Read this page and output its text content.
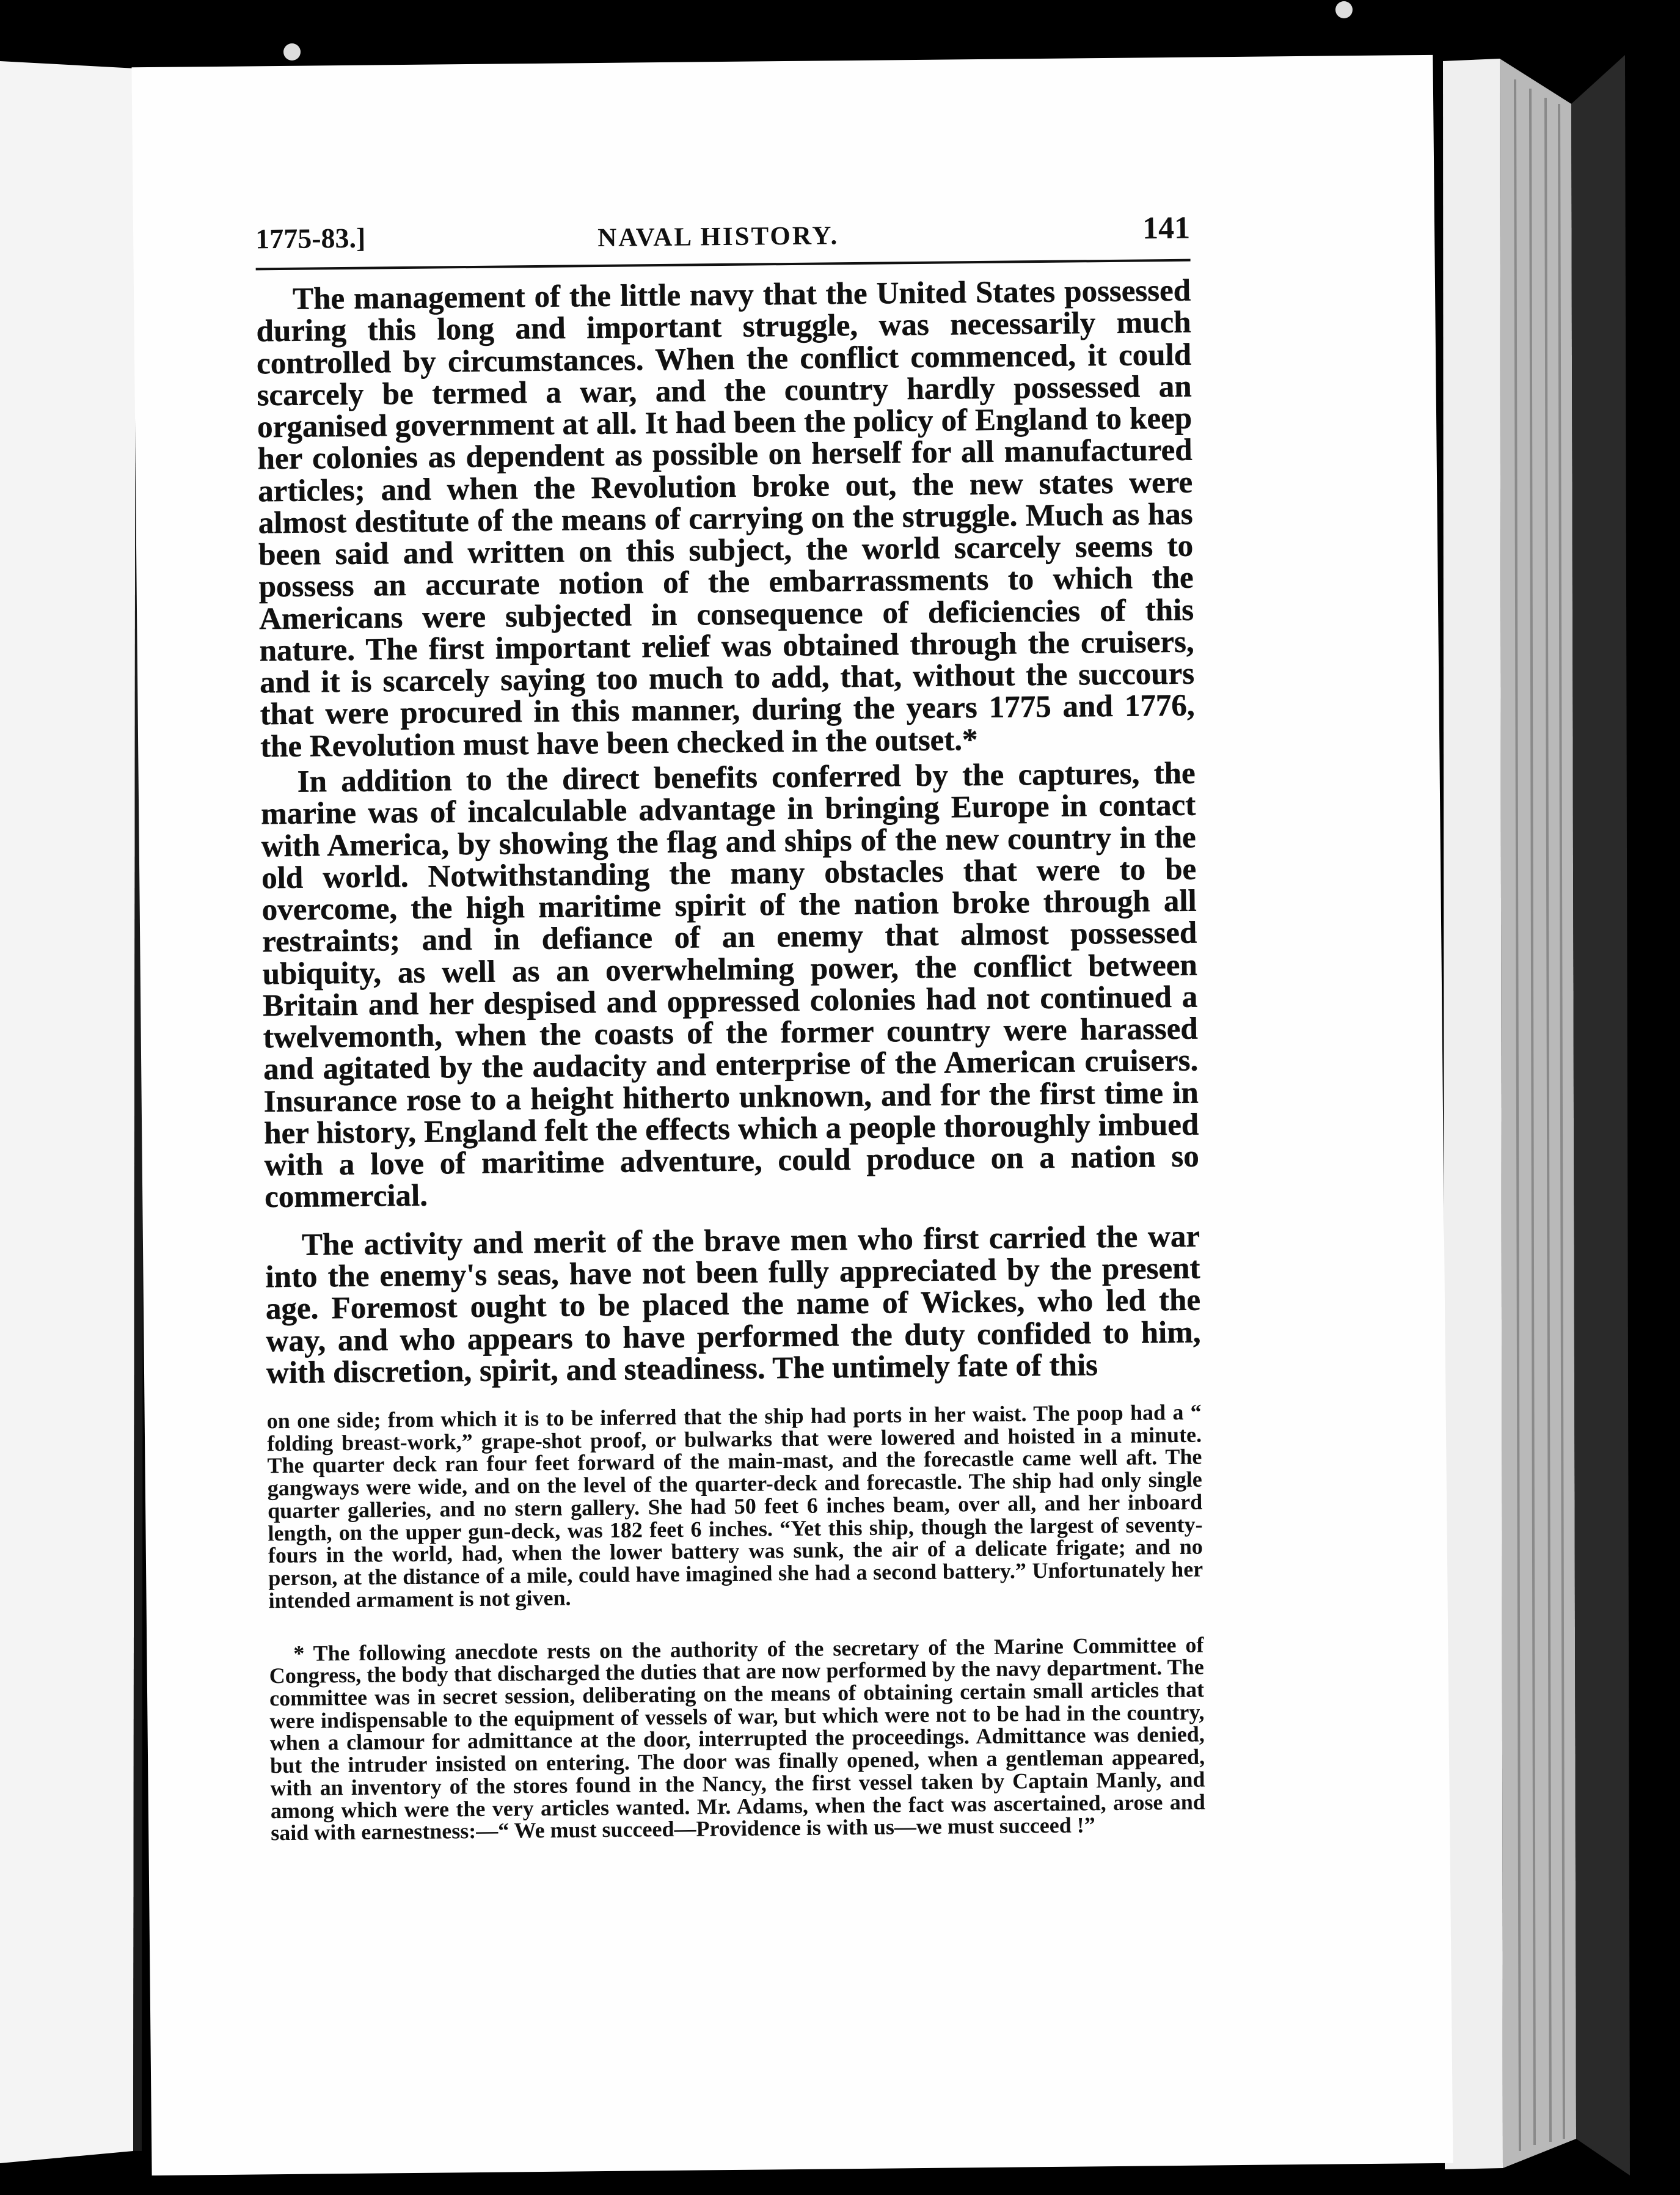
1775-83.]	NAVAL HISTORY.	141

The management of the little navy that the United States possessed during this long and important struggle, was necessarily much controlled by circumstances. When the conflict commenced, it could scarcely be termed a war, and the country hardly possessed an organised government at all. It had been the policy of England to keep her colonies as dependent as possible on herself for all manufactured articles; and when the Revolution broke out, the new states were almost destitute of the means of carrying on the struggle. Much as has been said and written on this subject, the world scarcely seems to possess an accurate notion of the embarrassments to which the Americans were subjected in consequence of deficiencies of this nature. The first important relief was obtained through the cruisers, and it is scarcely saying too much to add, that, without the succours that were procured in this manner, during the years 1775 and 1776, the Revolution must have been checked in the outset.*

In addition to the direct benefits conferred by the captures, the marine was of incalculable advantage in bringing Europe in contact with America, by showing the flag and ships of the new country in the old world. Notwithstanding the many obstacles that were to be overcome, the high maritime spirit of the nation broke through all restraints; and in defiance of an enemy that almost possessed ubiquity, as well as an overwhelming power, the conflict between Britain and her despised and oppressed colonies had not continued a twelvemonth, when the coasts of the former country were harassed and agitated by the audacity and enterprise of the American cruisers. Insurance rose to a height hitherto unknown, and for the first time in her history, England felt the effects which a people thoroughly imbued with a love of maritime adventure, could produce on a nation so commercial.

The activity and merit of the brave men who first carried the war into the enemy's seas, have not been fully appreciated by the present age. Foremost ought to be placed the name of Wickes, who led the way, and who appears to have performed the duty confided to him, with discretion, spirit, and steadiness. The untimely fate of this

on one side; from which it is to be inferred that the ship had ports in her waist. The poop had a “ folding breast-work,” grape-shot proof, or bulwarks that were lowered and hoisted in a minute. The quarter deck ran four feet forward of the main-mast, and the forecastle came well aft. The gangways were wide, and on the level of the quarter-deck and forecastle. The ship had only single quarter galleries, and no stern gallery. She had 50 feet 6 inches beam, over all, and her inboard length, on the upper gun-deck, was 182 feet 6 inches. “Yet this ship, though the largest of seventy-fours in the world, had, when the lower battery was sunk, the air of a delicate frigate; and no person, at the distance of a mile, could have imagined she had a second battery.” Unfortunately her intended armament is not given.

* The following anecdote rests on the authority of the secretary of the Marine Committee of Congress, the body that discharged the duties that are now performed by the navy department. The committee was in secret session, deliberating on the means of obtaining certain small articles that were indispensable to the equipment of vessels of war, but which were not to be had in the country, when a clamour for admittance at the door, interrupted the proceedings. Admittance was denied, but the intruder insisted on entering. The door was finally opened, when a gentleman appeared, with an inventory of the stores found in the Nancy, the first vessel taken by Captain Manly, and among which were the very articles wanted. Mr. Adams, when the fact was ascertained, arose and said with earnestness:—“ We must succeed—Providence is with us—we must succeed !”
